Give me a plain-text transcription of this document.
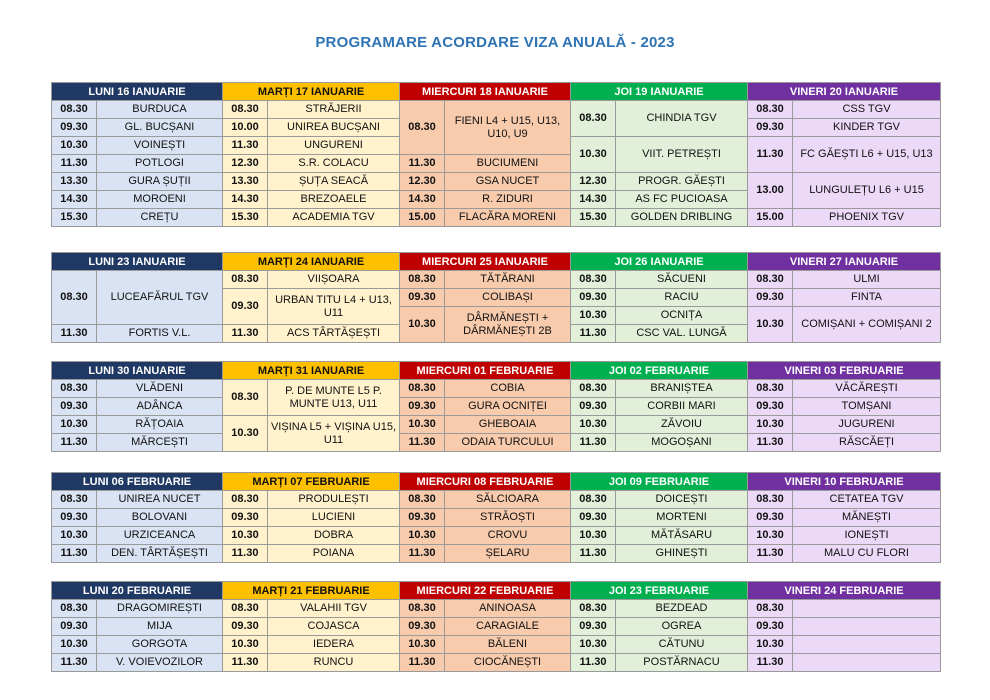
PROGRAMARE ACORDARE VIZA ANUALĂ - 2023
LUNI 16 IANUARIE		MARȚI 17 IANUARIE		MIERCURI 18 IANUARIE		JOI 19 IANUARIE		VINERI 20 IANUARIE	
08.30	BURDUCA	08.30	STRĂJERII	08.30	FIENI L4 + U15, U13, U10, U9	08.30	CHINDIA TGV	08.30	CSS TGV
09.30	GL. BUCȘANI	10.00	UNIREA BUCȘANI					09.30	KINDER TGV
10.30	VOINEȘTI	11.30	UNGURENI			10.30	VIIT. PETREȘTI	11.30	FC GĂEȘTI L6 + U15, U13
11.30	POTLOGI	12.30	S.R. COLACU	11.30	BUCIUMENI				
13.30	GURA ȘUȚII	13.30	ȘUȚA SEACĂ	12.30	GSA NUCET	12.30	PROGR. GĂEȘTI	13.00	LUNGULEȚU L6 + U15
14.30	MOROENI	14.30	BREZOAELE	14.30	R. ZIDURI	14.30	AS FC PUCIOASA		
15.30	CREȚU	15.30	ACADEMIA TGV	15.00	FLACĂRA MORENI	15.30	GOLDEN DRIBLING	15.00	PHOENIX TGV
LUNI 23 IANUARIE		MARȚI 24 IANUARIE		MIERCURI 25 IANUARIE		JOI 26 IANUARIE		VINERI 27 IANUARIE	
08.30	LUCEAFĂRUL TGV	08.30	VIIȘOARA	08.30	TĂTĂRANI	08.30	SĂCUENI	08.30	ULMI
		09.30	URBAN TITU L4 + U13, U11	09.30	COLIBAȘI	09.30	RACIU	09.30	FINTA
				10.30	DÂRMĂNEȘTI + DÂRMĂNEȘTI 2B	10.30	OCNIȚA	10.30	COMIȘANI + COMIȘANI 2
11.30	FORTIS V.L.	11.30	ACS TÂRTĂȘEȘTI			11.30	CSC VAL. LUNGĂ		
LUNI 30 IANUARIE		MARȚI 31 IANUARIE		MIERCURI 01 FEBRUARIE		JOI 02 FEBRUARIE		VINERI 03 FEBRUARIE	
08.30	VLĂDENI	08.30	P. DE MUNTE L5 P. MUNTE U13, U11	08.30	COBIA	08.30	BRANIȘTEA	08.30	VĂCĂREȘTI
09.30	ADÂNCA			09.30	GURA OCNIȚEI	09.30	CORBII MARI	09.30	TOMȘANI
10.30	RĂȚOAIA	10.30	VIȘINA L5 + VIȘINA U15, U11	10.30	GHEBOAIA	10.30	ZĂVOIU	10.30	JUGURENI
11.30	MĂRCEȘTI			11.30	ODAIA TURCULUI	11.30	MOGOȘANI	11.30	RĂSCĂEȚI
LUNI 06 FEBRUARIE		MARȚI 07 FEBRUARIE		MIERCURI 08 FEBRUARIE		JOI 09 FEBRUARIE		VINERI 10 FEBRUARIE	
08.30	UNIREA NUCET	08.30	PRODULEȘTI	08.30	SĂLCIOARA	08.30	DOICEȘTI	08.30	CETATEA TGV
09.30	BOLOVANI	09.30	LUCIENI	09.30	STRĂOȘTI	09.30	MORTENI	09.30	MĂNEȘTI
10.30	URZICEANCA	10.30	DOBRA	10.30	CROVU	10.30	MĂTĂSARU	10.30	IONEȘTI
11.30	DEN. TÂRTĂȘEȘTI	11.30	POIANA	11.30	ȘELARU	11.30	GHINEȘTI	11.30	MALU CU FLORI
LUNI 20 FEBRUARIE		MARȚI 21 FEBRUARIE		MIERCURI 22 FEBRUARIE		JOI 23 FEBRUARIE		VINERI 24 FEBRUARIE	
08.30	DRAGOMIREȘTI	08.30	VALAHII TGV	08.30	ANINOASA	08.30	BEZDEAD	08.30	
09.30	MIJA	09.30	COJASCA	09.30	CARAGIALE	09.30	OGREA	09.30	
10.30	GORGOTA	10.30	IEDERA	10.30	BĂLENI	10.30	CĂTUNU	10.30	
11.30	V. VOIEVOZILOR	11.30	RUNCU	11.30	CIOCĂNEȘTI	11.30	POSTĂRNACU	11.30	
